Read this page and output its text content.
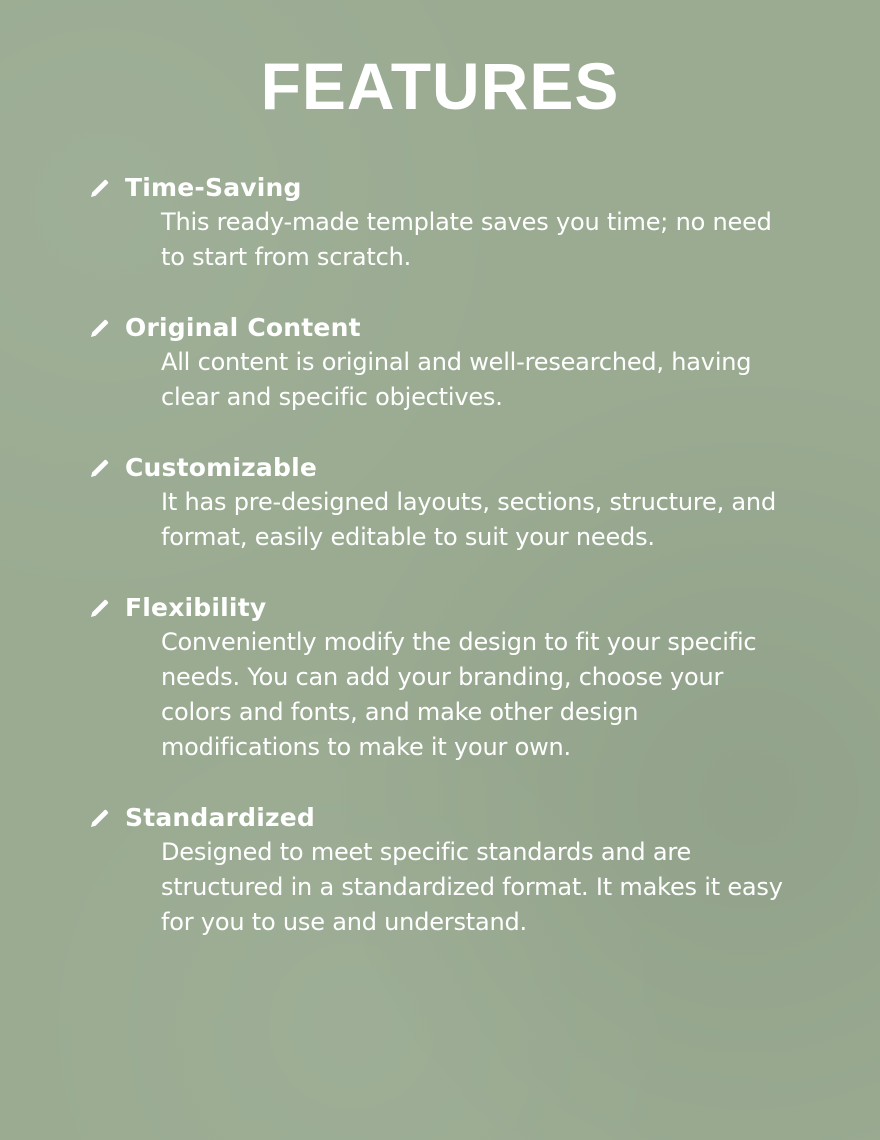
FEATURES
Time-Saving
This ready-made template saves you time; no need to start from scratch.
Original Content
All content is original and well-researched, having clear and specific objectives.
Customizable
It has pre-designed layouts, sections, structure, and format, easily editable to suit your needs.
Flexibility
Conveniently modify the design to fit your specific needs. You can add your branding, choose your colors and fonts, and make other design modifications to make it your own.
Standardized
Designed to meet specific standards and are structured in a standardized format. It makes it easy for you to use and understand.
